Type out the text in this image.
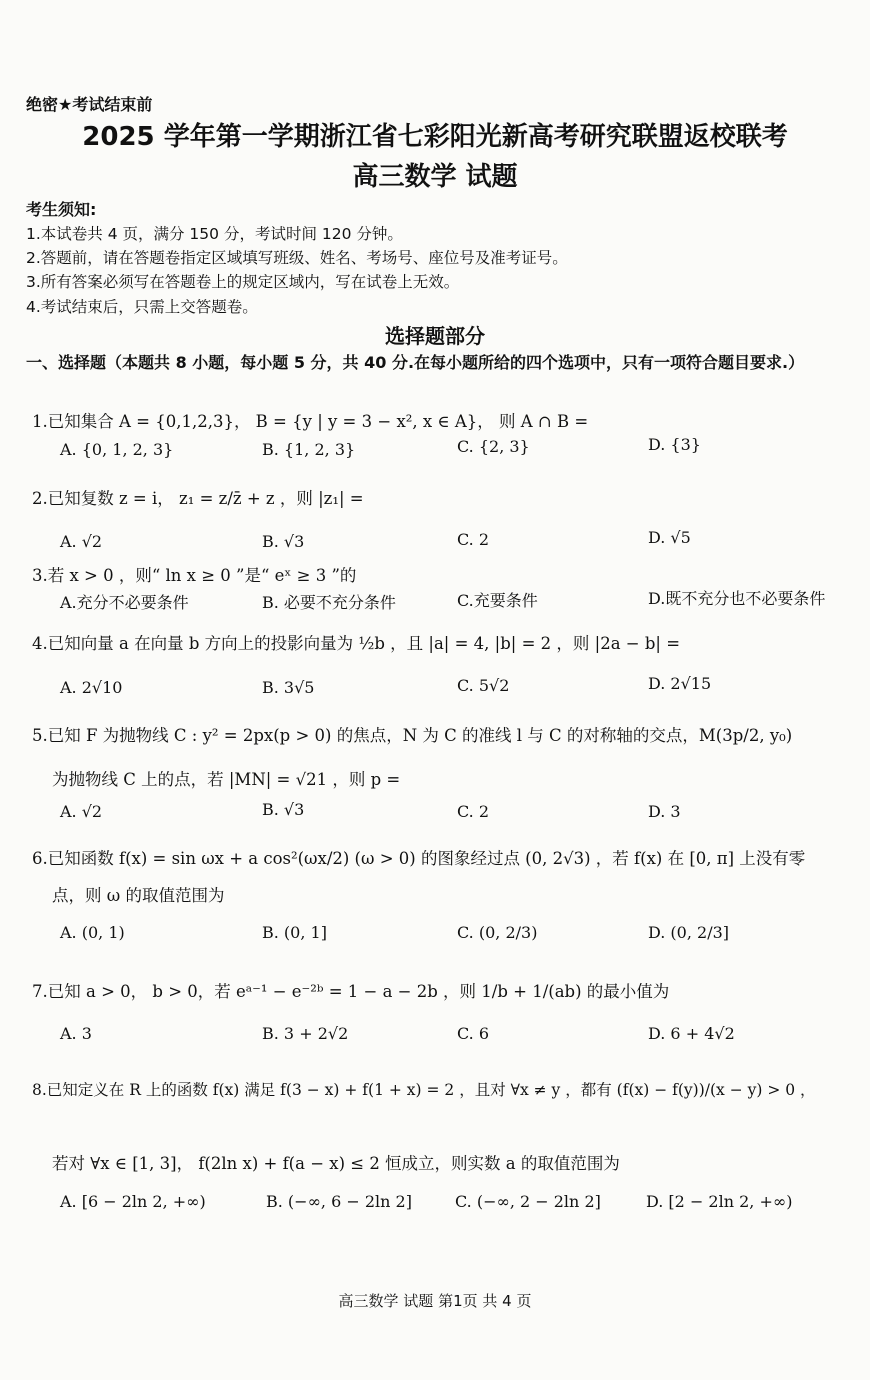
绝密★考试结束前
2025 学年第一学期浙江省七彩阳光新高考研究联盟返校联考
高三数学 试题
考生须知:
1.本试卷共 4 页，满分 150 分，考试时间 120 分钟。
2.答题前，请在答题卷指定区域填写班级、姓名、考场号、座位号及准考证号。
3.所有答案必须写在答题卷上的规定区域内，写在试卷上无效。
4.考试结束后，只需上交答题卷。
选择题部分
一、选择题（本题共 8 小题，每小题 5 分，共 40 分.在每小题所给的四个选项中，只有一项符合题目要求.）
1.已知集合 A = {0,1,2,3}， B = {y | y = 3 − x², x ∈ A}， 则 A ∩ B =
A. {0, 1, 2, 3}	B. {1, 2, 3}	C. {2, 3}	D. {3}
2.已知复数 z = i， z₁ = z/z̄ + z ，则 |z₁| =
A. √2	B. √3	C. 2	D. √5
3.若 x > 0 ，则“ ln x ≥ 0 ”是“ eˣ ≥ 3 ”的
A.充分不必要条件	B. 必要不充分条件	C.充要条件	D.既不充分也不必要条件
4.已知向量 a 在向量 b 方向上的投影向量为 ½b ，且 |a| = 4, |b| = 2 ，则 |2a − b| =
A. 2√10	B. 3√5	C. 5√2	D. 2√15
5.已知 F 为抛物线 C : y² = 2px(p > 0) 的焦点，N 为 C 的准线 l 与 C 的对称轴的交点，M(3p/2, y₀)
为抛物线 C 上的点，若 |MN| = √21 ，则 p =
A. √2	B. √3	C. 2	D. 3
6.已知函数 f(x) = sin ωx + a cos²(ωx/2) (ω > 0) 的图象经过点 (0, 2√3) ，若 f(x) 在 [0, π] 上没有零
点，则 ω 的取值范围为
A. (0, 1)	B. (0, 1]	C. (0, 2/3)	D. (0, 2/3]
7.已知 a > 0， b > 0，若 eᵃ⁻¹ − e⁻²ᵇ = 1 − a − 2b ，则 1/b + 1/(ab) 的最小值为
A. 3	B. 3 + 2√2	C. 6	D. 6 + 4√2
8.已知定义在 R 上的函数 f(x) 满足 f(3 − x) + f(1 + x) = 2 ，且对 ∀x ≠ y ，都有 (f(x) − f(y))/(x − y) > 0 ，
若对 ∀x ∈ [1, 3]， f(2ln x) + f(a − x) ≤ 2 恒成立，则实数 a 的取值范围为
A. [6 − 2ln 2, +∞)	B. (−∞, 6 − 2ln 2]	C. (−∞, 2 − 2ln 2]	D. [2 − 2ln 2, +∞)
高三数学 试题 第1页 共 4 页
